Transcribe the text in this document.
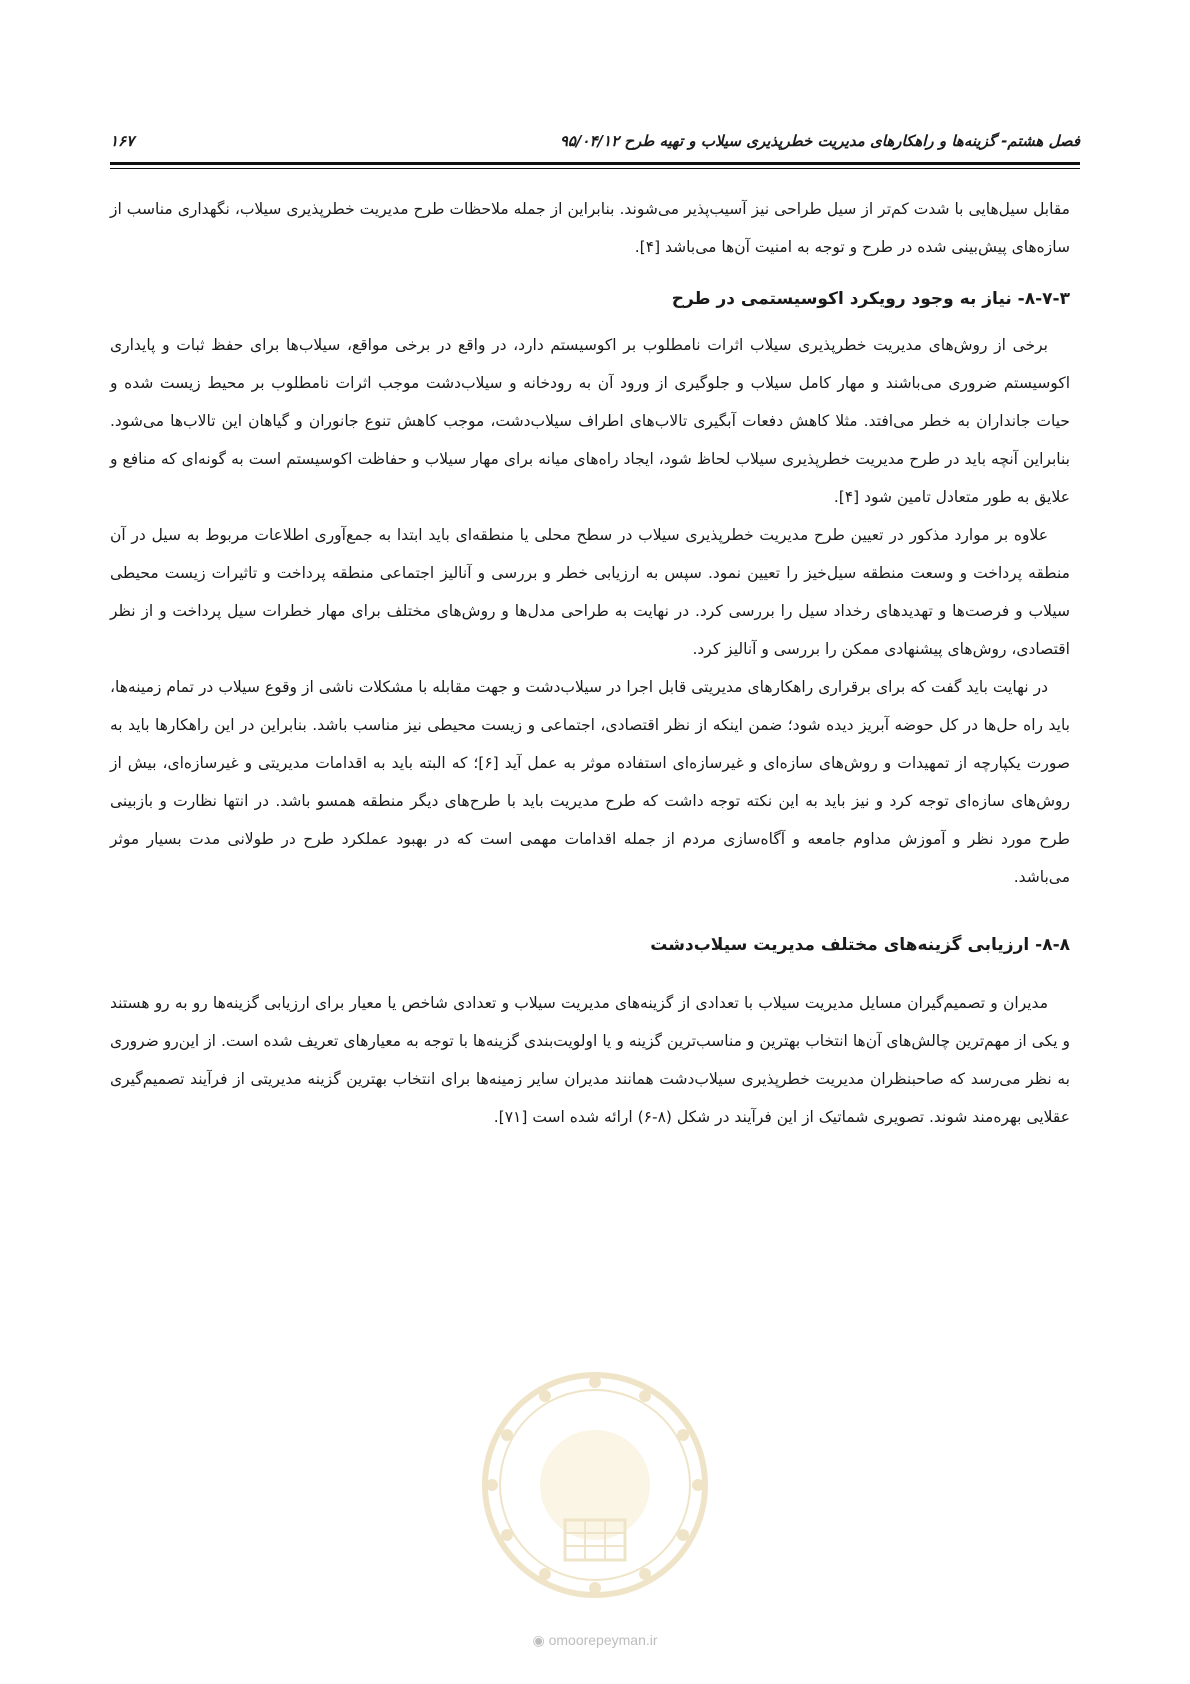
فصل هشتم- گزینه‌ها و راهکارهای مدیریت خطرپذیری سیلاب و تهیه طرح ۹۵/۰۴/۱۲
۱۶۷

مقابل سیل‌هایی با شدت کم‌تر از سیل طراحی نیز آسیب‌پذیر می‌شوند. بنابراین از جمله ملاحظات طرح مدیریت خطرپذیری سیلاب، نگهداری مناسب از سازه‌های پیش‌بینی شده در طرح و توجه به امنیت آن‌ها می‌باشد [۴].

۸-۷-۳- نیاز به وجود رویکرد اکوسیستمی در طرح

برخی از روش‌های مدیریت خطرپذیری سیلاب اثرات نامطلوب بر اکوسیستم دارد، در واقع در برخی مواقع، سیلاب‌ها برای حفظ ثبات و پایداری اکوسیستم ضروری می‌باشند و مهار کامل سیلاب و جلوگیری از ورود آن به رودخانه و سیلاب‌دشت موجب اثرات نامطلوب بر محیط زیست شده و حیات جانداران به خطر می‌افتد. مثلا کاهش دفعات آبگیری تالاب‌های اطراف سیلاب‌دشت، موجب کاهش تنوع جانوران و گیاهان این تالاب‌ها می‌شود. بنابراین آنچه باید در طرح مدیریت خطرپذیری سیلاب لحاظ شود، ایجاد راه‌های میانه برای مهار سیلاب و حفاظت اکوسیستم است به گونه‌ای که منافع و علایق به طور متعادل تامین شود [۴].

علاوه بر موارد مذکور در تعیین طرح مدیریت خطرپذیری سیلاب در سطح محلی یا منطقه‌ای باید ابتدا به جمع‌آوری اطلاعات مربوط به سیل در آن منطقه پرداخت و وسعت منطقه سیل‌خیز را تعیین نمود. سپس به ارزیابی خطر و بررسی و آنالیز اجتماعی منطقه پرداخت و تاثیرات زیست محیطی سیلاب و فرصت‌ها و تهدیدهای رخداد سیل را بررسی کرد. در نهایت به طراحی مدل‌ها و روش‌های مختلف برای مهار خطرات سیل پرداخت و از نظر اقتصادی، روش‌های پیشنهادی ممکن را بررسی و آنالیز کرد.

در نهایت باید گفت که برای برقراری راهکارهای مدیریتی قابل اجرا در سیلاب‌دشت و جهت مقابله با مشکلات ناشی از وقوع سیلاب در تمام زمینه‌ها، باید راه حل‌ها در کل حوضه آبریز دیده شود؛ ضمن اینکه از نظر اقتصادی، اجتماعی و زیست محیطی نیز مناسب باشد. بنابراین در این راهکارها باید به صورت یکپارچه از تمهیدات و روش‌های سازه‌ای و غیرسازه‌ای استفاده موثر به عمل آید [۶]؛ که البته باید به اقدامات مدیریتی و غیرسازه‌ای، بیش از روش‌های سازه‌ای توجه کرد و نیز باید به این نکته توجه داشت که طرح مدیریت باید با طرح‌های دیگر منطقه همسو باشد. در انتها نظارت و بازبینی طرح مورد نظر و آموزش مداوم جامعه و آگاه‌سازی مردم از جمله اقدامات مهمی است که در بهبود عملکرد طرح در طولانی مدت بسیار موثر می‌باشد.

۸-۸- ارزیابی گزینه‌های مختلف مدیریت سیلاب‌دشت

مدیران و تصمیم‌گیران مسایل مدیریت سیلاب با تعدادی از گزینه‌های مدیریت سیلاب و تعدادی شاخص یا معیار برای ارزیابی گزینه‌ها رو به رو هستند و یکی از مهم‌ترین چالش‌های آن‌ها انتخاب بهترین و مناسب‌ترین گزینه و یا اولویت‌بندی گزینه‌ها با توجه به معیارهای تعریف شده است. از این‌رو ضروری به نظر می‌رسد که صاحبنظران مدیریت خطرپذیری سیلاب‌دشت همانند مدیران سایر زمینه‌ها برای انتخاب بهترین گزینه مدیریتی از فرآیند تصمیم‌گیری عقلایی بهره‌مند شوند. تصویری شماتیک از این فرآیند در شکل (۸-۶) ارائه شده است [۷۱].

◉ omoorepeyman.ir
